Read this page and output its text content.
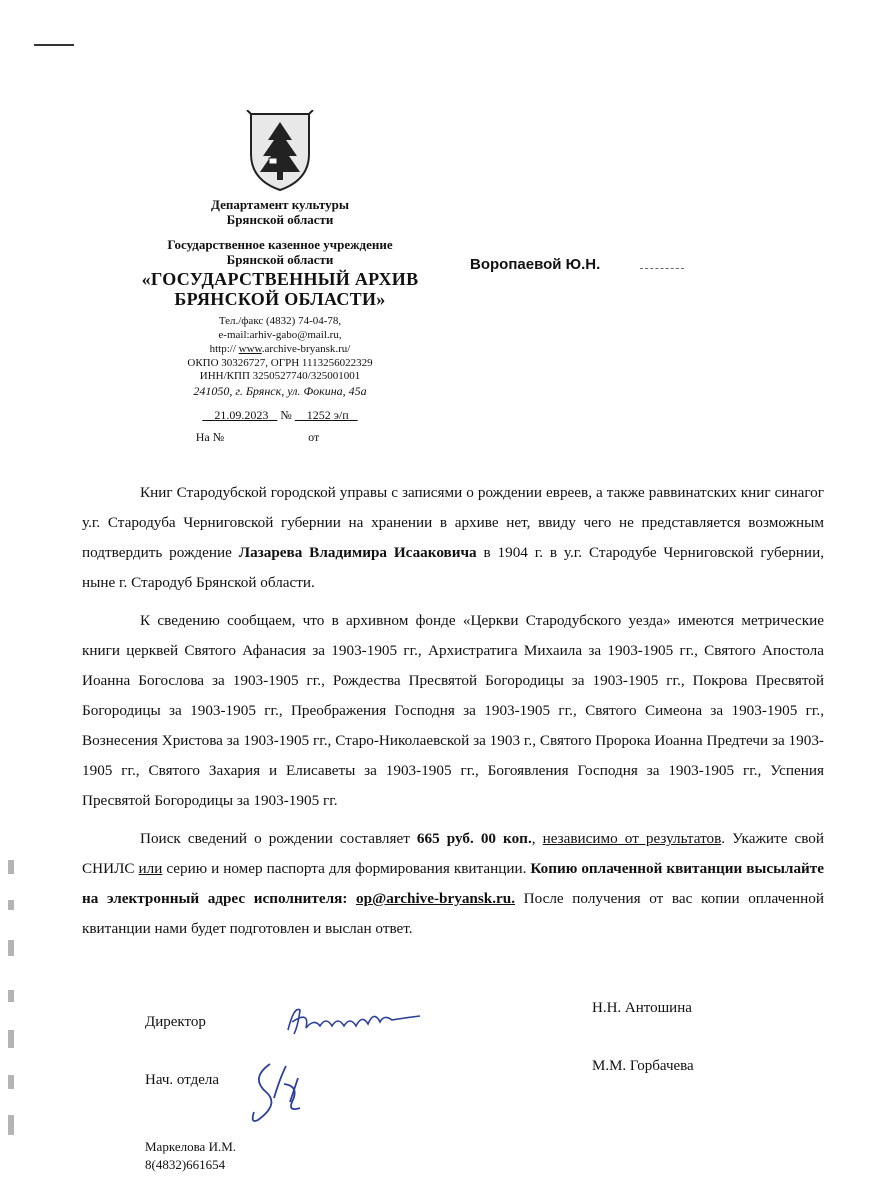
Департамент культуры
Брянской области
Государственное казенное учреждение
Брянской области
«ГОСУДАРСТВЕННЫЙ АРХИВ
БРЯНСКОЙ ОБЛАСТИ»
Тел./факс (4832) 74-04-78,
e-mail:arhiv-gabo@mail.ru,
http:// www.archive-bryansk.ru/
ОКПО 30326727, ОГРН 1113256022329
ИНН/КПП 3250527740/325001001
241050, г. Брянск, ул. Фокина, 45а
21.09.2023 № 1252 э/п
На №	от
Воропаевой Ю.Н.

Книг Стародубской городской управы с записями о рождении евреев, а также раввинатских книг синагог у.г. Стародуба Черниговской губернии на хранении в архиве нет, ввиду чего не представляется возможным подтвердить рождение Лазарева Владимира Исааковича в 1904 г. в у.г. Стародубе Черниговской губернии, ныне г. Стародуб Брянской области.

К сведению сообщаем, что в архивном фонде «Церкви Стародубского уезда» имеются метрические книги церквей Святого Афанасия за 1903-1905 гг., Архистратига Михаила за 1903-1905 гг., Святого Апостола Иоанна Богослова за 1903-1905 гг., Рождества Пресвятой Богородицы за 1903-1905 гг., Покрова Пресвятой Богородицы за 1903-1905 гг., Преображения Господня за 1903-1905 гг., Святого Симеона за 1903-1905 гг., Вознесения Христова за 1903-1905 гг., Старо-Николаевской за 1903 г., Святого Пророка Иоанна Предтечи за 1903-1905 гг., Святого Захария и Елисаветы за 1903-1905 гг., Богоявления Господня за 1903-1905 гг., Успения Пресвятой Богородицы за 1903-1905 гг.

Поиск сведений о рождении составляет 665 руб. 00 коп., независимо от результатов. Укажите свой СНИЛС или серию и номер паспорта для формирования квитанции. Копию оплаченной квитанции высылайте на электронный адрес исполнителя: op@archive-bryansk.ru. После получения от вас копии оплаченной квитанции нами будет подготовлен и выслан ответ.

Директор
Н.Н. Антошина
Нач. отдела
М.М. Горбачева
Маркелова И.М.
8(4832)661654
